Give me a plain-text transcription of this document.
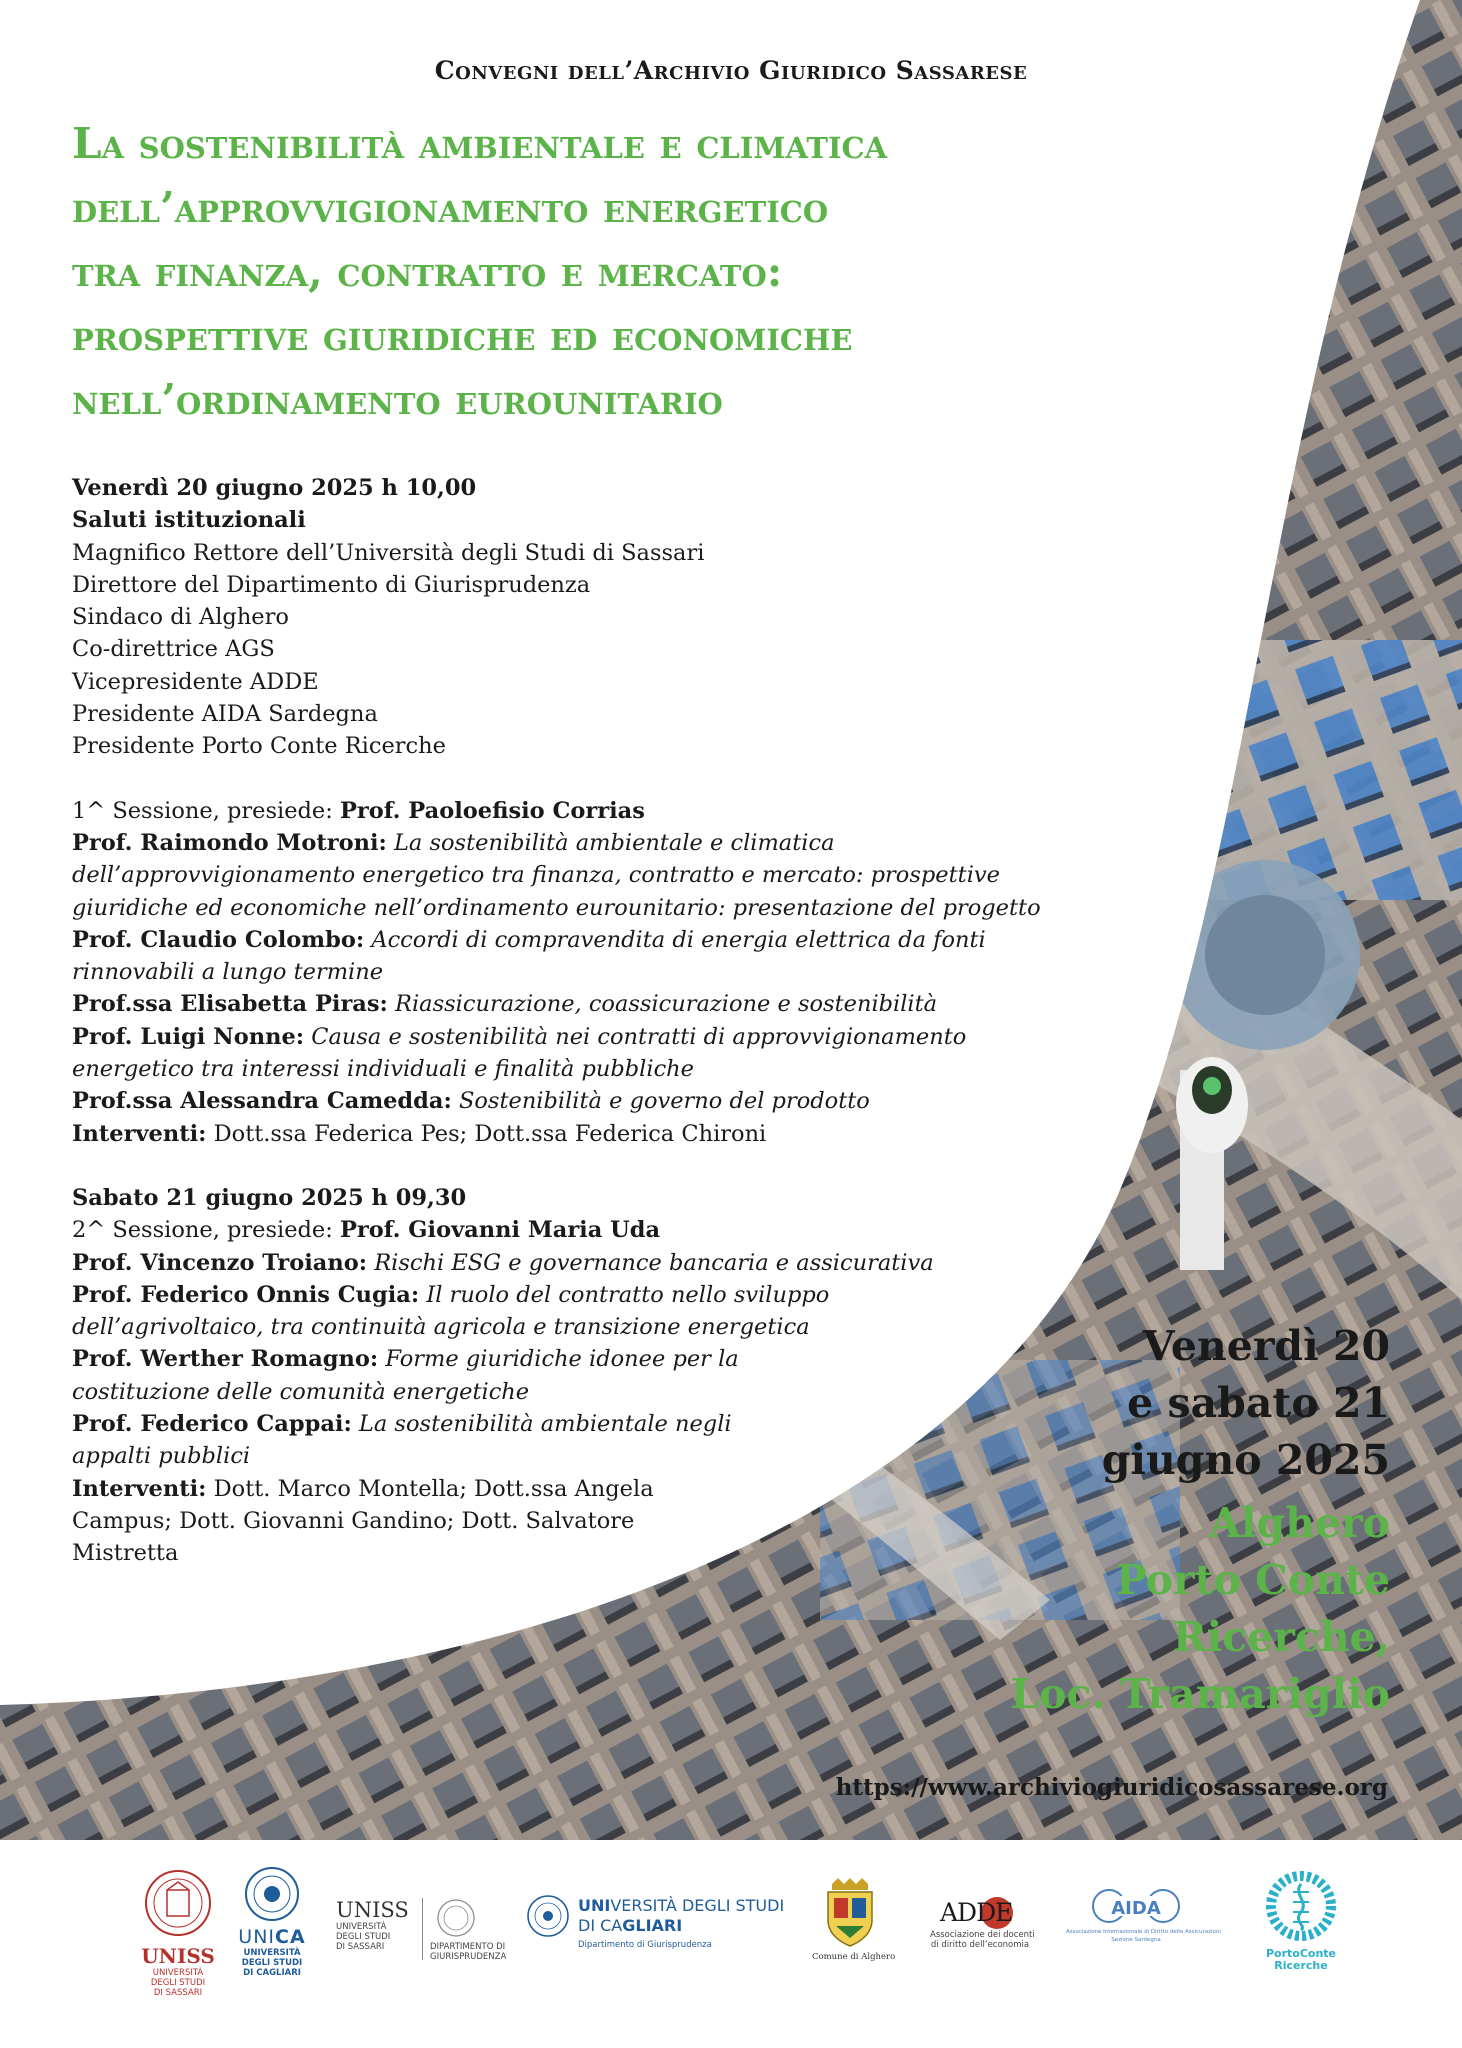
Convegni dell’Archivio Giuridico Sassarese
La sostenibilità ambientale e climatica
dell’approvvigionamento energetico
tra finanza, contratto e mercato:
prospettive giuridiche ed economiche
nell’ordinamento eurounitario
Venerdì 20 giugno 2025 h 10,00
Saluti istituzionali
Magnifico Rettore dell’Università degli Studi di Sassari
Direttore del Dipartimento di Giurisprudenza
Sindaco di Alghero
Co-direttrice AGS
Vicepresidente ADDE
Presidente AIDA Sardegna
Presidente Porto Conte Ricerche
1^ Sessione, presiede: Prof. Paoloefisio Corrias
Prof. Raimondo Motroni: La sostenibilità ambientale e climatica
dell’approvvigionamento energetico tra finanza, contratto e mercato: prospettive
giuridiche ed economiche nell’ordinamento eurounitario: presentazione del progetto
Prof. Claudio Colombo: Accordi di compravendita di energia elettrica da fonti
rinnovabili a lungo termine
Prof.ssa Elisabetta Piras: Riassicurazione, coassicurazione e sostenibilità
Prof. Luigi Nonne: Causa e sostenibilità nei contratti di approvvigionamento
energetico tra interessi individuali e finalità pubbliche
Prof.ssa Alessandra Camedda: Sostenibilità e governo del prodotto
Interventi: Dott.ssa Federica Pes; Dott.ssa Federica Chironi
Sabato 21 giugno 2025 h 09,30
2^ Sessione, presiede: Prof. Giovanni Maria Uda
Prof. Vincenzo Troiano: Rischi ESG e governance bancaria e assicurativa
Prof. Federico Onnis Cugia: Il ruolo del contratto nello sviluppo
dell’agrivoltaico, tra continuità agricola e transizione energetica
Prof. Werther Romagno: Forme giuridiche idonee per la
costituzione delle comunità energetiche
Prof. Federico Cappai: La sostenibilità ambientale negli
appalti pubblici
Interventi: Dott. Marco Montella; Dott.ssa Angela
Campus; Dott. Giovanni Gandino; Dott. Salvatore
Mistretta
Venerdì 20
e sabato 21
giugno 2025
Alghero
Porto Conte
Ricerche,
Loc. Tramariglio
https://www.archiviogiuridicosassarese.org
UNISS
UNIVERSITÀ
DEGLI STUDI
DI SASSARI
UNICA
UNIVERSITÀ
DEGLI STUDI
DI CAGLIARI
UNISS
UNIVERSITÀ
DEGLI STUDI
DI SASSARI	DIPARTIMENTO DI
GIURISPRUDENZA
UNIVERSITÀ DEGLI STUDI
DI CAGLIARI
Dipartimento di Giurisprudenza
Comune di Alghero
ADDE
Associazione dei docenti
di diritto dell’economia
AIDA
Associazione Internazionale di Diritto delle Assicurazioni
Sezione Sardegna
PortoConte
Ricerche
